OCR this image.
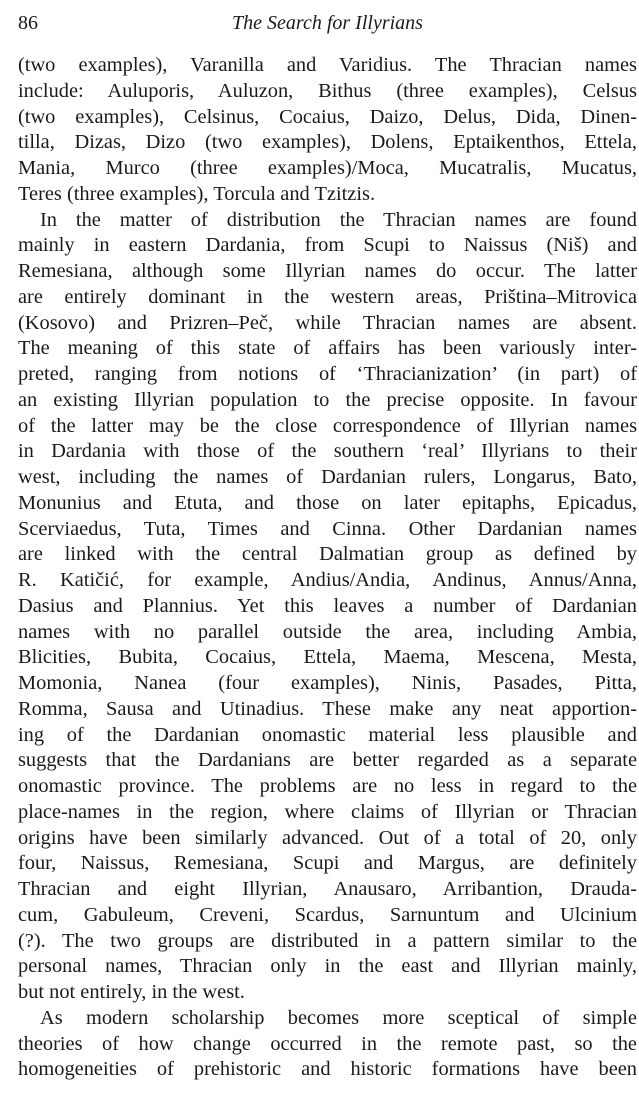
86	The Search for Illyrians

(two examples), Varanilla and Varidius. The Thracian names

include: Auluporis, Auluzon, Bithus (three examples), Celsus

(two examples), Celsinus, Cocaius, Daizo, Delus, Dida, Dinen-

tilla, Dizas, Dizo (two examples), Dolens, Eptaikenthos, Ettela,

Mania, Murco (three examples)/Moca, Mucatralis, Mucatus,

Teres (three examples), Torcula and Tzitzis.

In the matter of distribution the Thracian names are found

mainly in eastern Dardania, from Scupi to Naissus (Niš) and

Remesiana, although some Illyrian names do occur. The latter

are entirely dominant in the western areas, Priština–Mitrovica

(Kosovo) and Prizren–Peč, while Thracian names are absent.

The meaning of this state of affairs has been variously inter-

preted, ranging from notions of ‘Thracianization’ (in part) of

an existing Illyrian population to the precise opposite. In favour

of the latter may be the close correspondence of Illyrian names

in Dardania with those of the southern ‘real’ Illyrians to their

west, including the names of Dardanian rulers, Longarus, Bato,

Monunius and Etuta, and those on later epitaphs, Epicadus,

Scerviaedus, Tuta, Times and Cinna. Other Dardanian names

are linked with the central Dalmatian group as defined by

R. Katičić, for example, Andius/Andia, Andinus, Annus/Anna,

Dasius and Plannius. Yet this leaves a number of Dardanian

names with no parallel outside the area, including Ambia,

Blicities, Bubita, Cocaius, Ettela, Maema, Mescena, Mesta,

Momonia, Nanea (four examples), Ninis, Pasades, Pitta,

Romma, Sausa and Utinadius. These make any neat apportion-

ing of the Dardanian onomastic material less plausible and

suggests that the Dardanians are better regarded as a separate

onomastic province. The problems are no less in regard to the

place-names in the region, where claims of Illyrian or Thracian

origins have been similarly advanced. Out of a total of 20, only

four, Naissus, Remesiana, Scupi and Margus, are definitely

Thracian and eight Illyrian, Anausaro, Arribantion, Drauda-

cum, Gabuleum, Creveni, Scardus, Sarnuntum and Ulcinium

(?). The two groups are distributed in a pattern similar to the

personal names, Thracian only in the east and Illyrian mainly,

but not entirely, in the west.

As modern scholarship becomes more sceptical of simple

theories of how change occurred in the remote past, so the

homogeneities of prehistoric and historic formations have been
